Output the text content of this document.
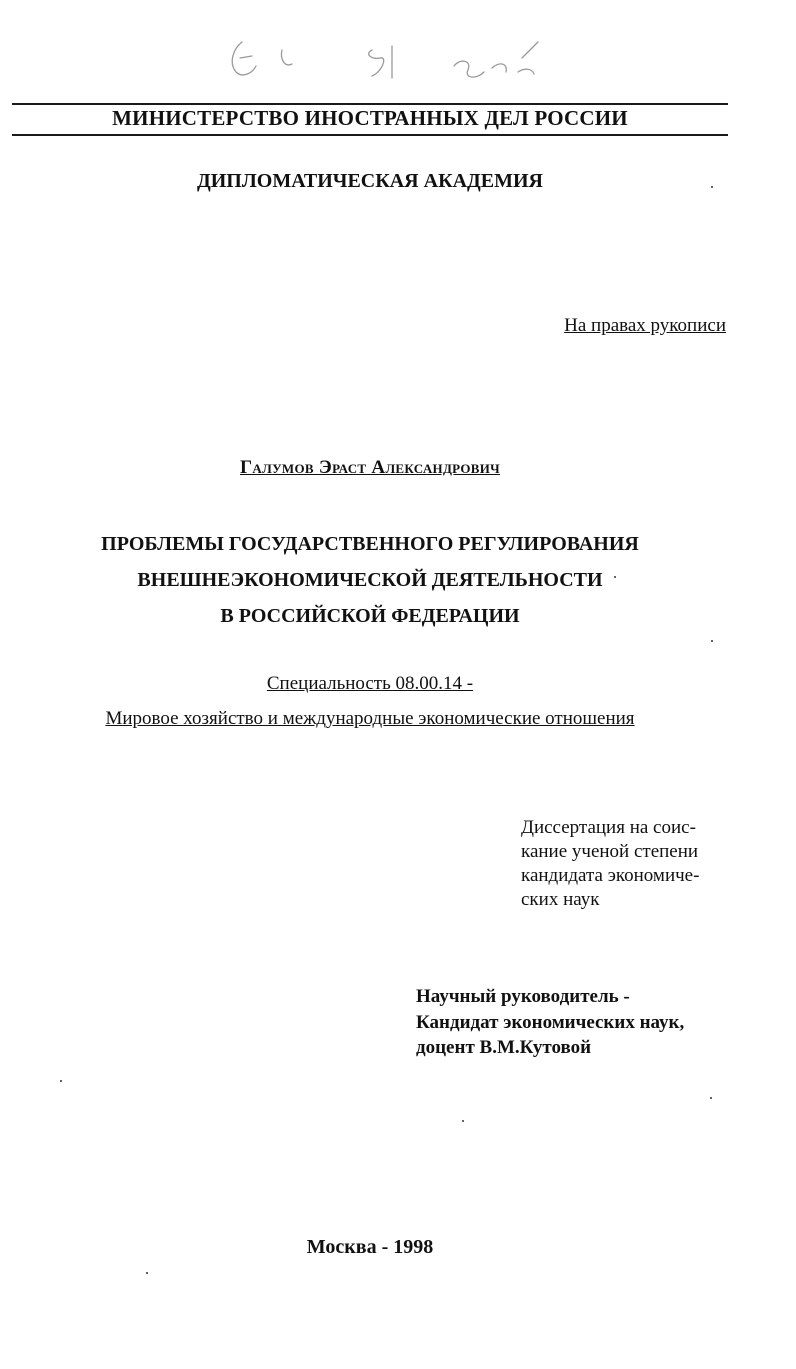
МИНИСТЕРСТВО ИНОСТРАННЫХ ДЕЛ РОССИИ
ДИПЛОМАТИЧЕСКАЯ АКАДЕМИЯ
На правах рукописи
Галумов Эраст Александрович
ПРОБЛЕМЫ ГОСУДАРСТВЕННОГО РЕГУЛИРОВАНИЯ
ВНЕШНЕЭКОНОМИЧЕСКОЙ ДЕЯТЕЛЬНОСТИ
В РОССИЙСКОЙ ФЕДЕРАЦИИ
Специальность 08.00.14 -
Мировое хозяйство и международные экономические отношения
Диссертация на соис-
кание ученой степени
кандидата экономиче-
ских наук
Научный руководитель -
Кандидат экономических наук,
доцент В.М.Кутовой
Москва - 1998
